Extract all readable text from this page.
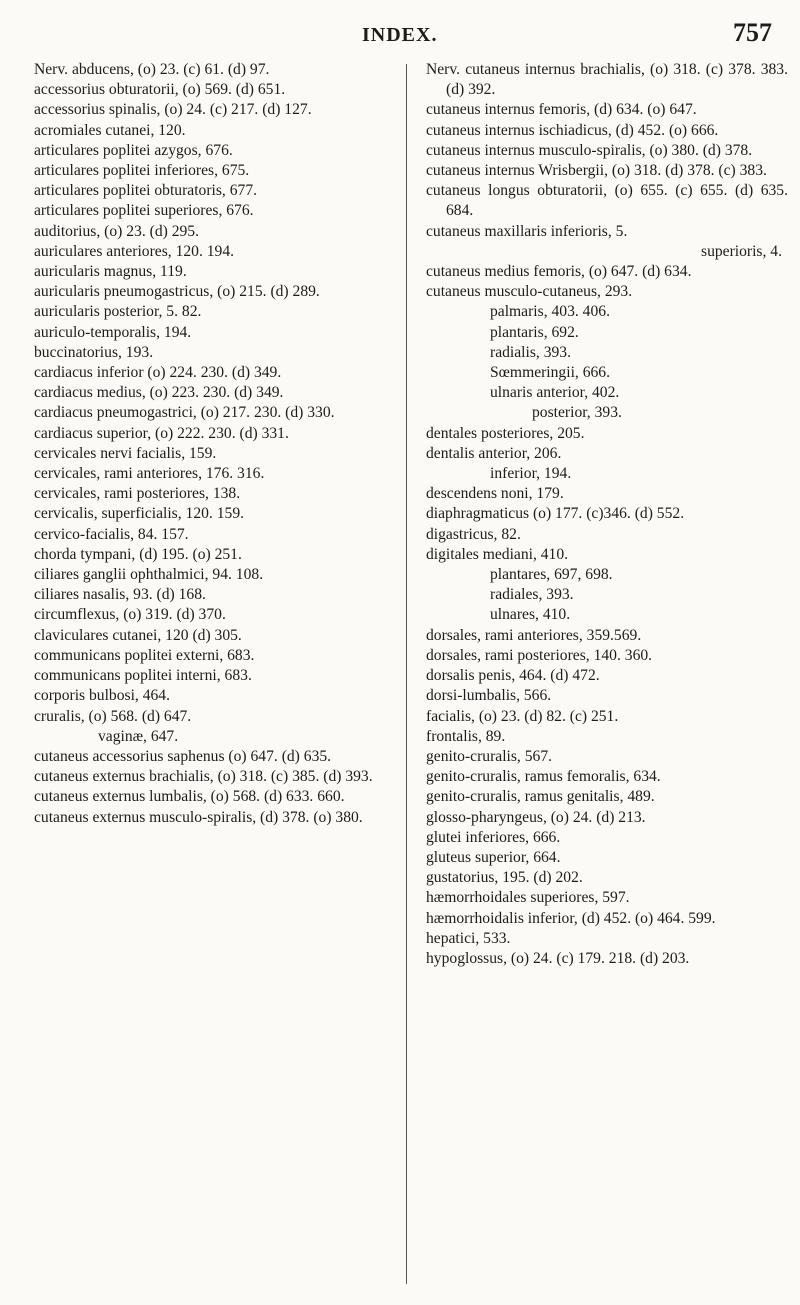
INDEX.	757

Nerv. abducens, (o) 23. (c) 61. (d) 97.

accessorius obturatorii, (o) 569. (d) 651.

accessorius spinalis, (o) 24. (c) 217. (d) 127.

acromiales cutanei, 120.

articulares poplitei azygos, 676.

articulares poplitei inferiores, 675.

articulares poplitei obturatoris, 677.

articulares poplitei superiores, 676.

auditorius, (o) 23. (d) 295.

auriculares anteriores, 120. 194.

auricularis magnus, 119.

auricularis pneumogastricus, (o) 215. (d) 289.

auricularis posterior, 5. 82.

auriculo-temporalis, 194.

buccinatorius, 193.

cardiacus inferior (o) 224. 230. (d) 349.

cardiacus medius, (o) 223. 230. (d) 349.

cardiacus pneumogastrici, (o) 217. 230. (d) 330.

cardiacus superior, (o) 222. 230. (d) 331.

cervicales nervi facialis, 159.

cervicales, rami anteriores, 176. 316.

cervicales, rami posteriores, 138.

cervicalis, superficialis, 120. 159.

cervico-facialis, 84. 157.

chorda tympani, (d) 195. (o) 251.

ciliares ganglii ophthalmici, 94. 108.

ciliares nasalis, 93. (d) 168.

circumflexus, (o) 319. (d) 370.

claviculares cutanei, 120 (d) 305.

communicans poplitei externi, 683.

communicans poplitei interni, 683.

corporis bulbosi, 464.

cruralis, (o) 568. (d) 647.

vaginæ, 647.

cutaneus accessorius saphenus (o) 647. (d) 635.

cutaneus externus brachialis, (o) 318. (c) 385. (d) 393.

cutaneus externus lumbalis, (o) 568. (d) 633. 660.

cutaneus externus musculo-spiralis, (d) 378. (o) 380.

Nerv. cutaneus internus brachialis, (o) 318. (c) 378. 383. (d) 392.

cutaneus internus femoris, (d) 634. (o) 647.

cutaneus internus ischiadicus, (d) 452. (o) 666.

cutaneus internus musculo-spiralis, (o) 380. (d) 378.

cutaneus internus Wrisbergii, (o) 318. (d) 378. (c) 383.

cutaneus longus obturatorii, (o) 655. (c) 655. (d) 635. 684.

cutaneus maxillaris inferioris, 5.

superioris, 4.

cutaneus medius femoris, (o) 647. (d) 634.

cutaneus musculo-cutaneus, 293.

palmaris, 403. 406.

plantaris, 692.

radialis, 393.

Sœmmeringii, 666.

ulnaris anterior, 402.

posterior, 393.

dentales posteriores, 205.

dentalis anterior, 206.

inferior, 194.

descendens noni, 179.

diaphragmaticus (o) 177. (c)346. (d) 552.

digastricus, 82.

digitales mediani, 410.

plantares, 697, 698.

radiales, 393.

ulnares, 410.

dorsales, rami anteriores, 359.569.

dorsales, rami posteriores, 140. 360.

dorsalis penis, 464. (d) 472.

dorsi-lumbalis, 566.

facialis, (o) 23. (d) 82. (c) 251.

frontalis, 89.

genito-cruralis, 567.

genito-cruralis, ramus femoralis, 634.

genito-cruralis, ramus genitalis, 489.

glosso-pharyngeus, (o) 24. (d) 213.

glutei inferiores, 666.

gluteus superior, 664.

gustatorius, 195. (d) 202.

hæmorrhoidales superiores, 597.

hæmorrhoidalis inferior, (d) 452. (o) 464. 599.

hepatici, 533.

hypoglossus, (o) 24. (c) 179. 218. (d) 203.
